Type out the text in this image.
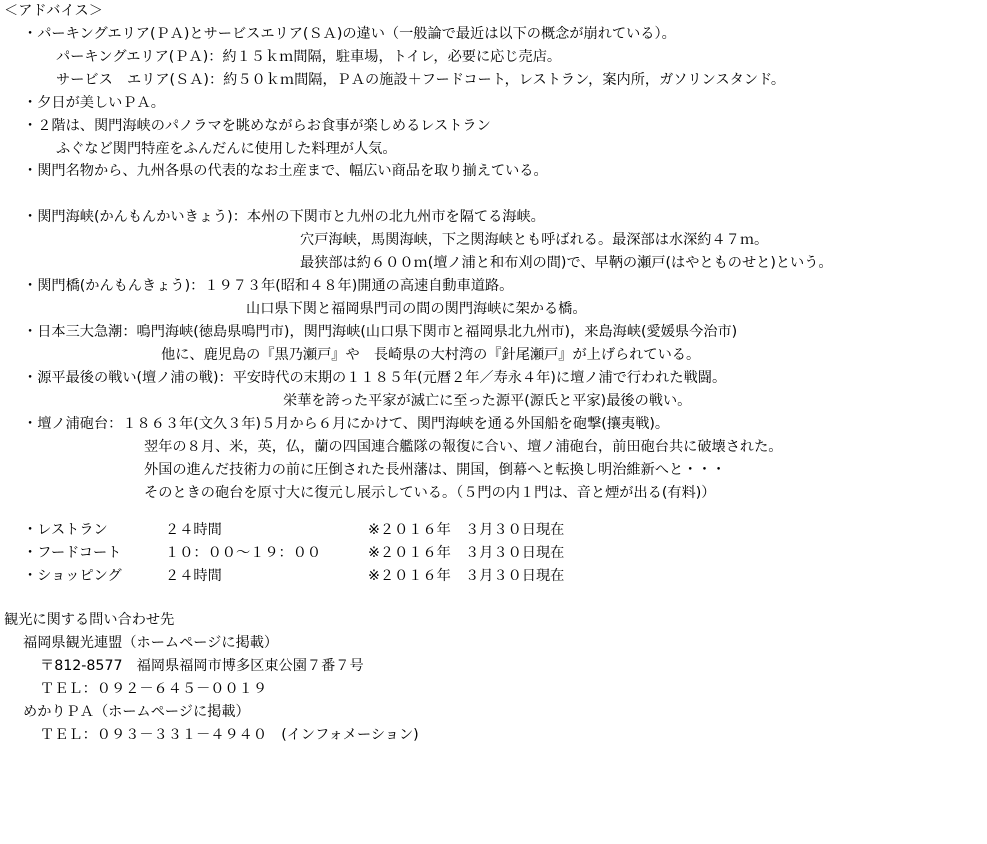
＜アドバイス＞
・パーキングエリア(ＰＡ)とサービスエリア(ＳＡ)の違い（一般論で最近は以下の概念が崩れている）。
パーキングエリア(ＰＡ)：約１５ｋｍ間隔，駐車場，トイレ，必要に応じ売店。
サービス　エリア(ＳＡ)：約５０ｋｍ間隔，ＰＡの施設＋フードコート，レストラン，案内所，ガソリンスタンド。
・夕日が美しいＰＡ。
・２階は、関門海峡のパノラマを眺めながらお食事が楽しめるレストラン
ふぐなど関門特産をふんだんに使用した料理が人気。
・関門名物から、九州各県の代表的なお土産まで、幅広い商品を取り揃えている。
・関門海峡(かんもんかいきょう)：本州の下関市と九州の北九州市を隔てる海峡。
穴戸海峡，馬関海峡，下之関海峡とも呼ばれる。最深部は水深約４７ｍ。
最狭部は約６００ｍ(壇ノ浦と和布刈の間)で、早鞆の瀬戸(はやとものせと)という。
・関門橋(かんもんきょう)：１９７３年(昭和４８年)開通の高速自動車道路。
山口県下関と福岡県門司の間の関門海峡に架かる橋。
・日本三大急潮：鳴門海峡(徳島県鳴門市)，関門海峡(山口県下関市と福岡県北九州市)，来島海峡(愛媛県今治市)
他に、鹿児島の『黒乃瀬戸』や　長崎県の大村湾の『針尾瀬戸』が上げられている。
・源平最後の戦い(壇ノ浦の戦)：平安時代の末期の１１８５年(元暦２年／寿永４年)に壇ノ浦で行われた戦闘。
栄華を誇った平家が滅亡に至った源平(源氏と平家)最後の戦い。
・壇ノ浦砲台：１８６３年(文久３年)５月から６月にかけて、関門海峡を通る外国船を砲撃(攘夷戦)。
翌年の８月、米，英，仏，蘭の四国連合艦隊の報復に合い、壇ノ浦砲台，前田砲台共に破壊された。
外国の進んだ技術力の前に圧倒された長州藩は、開国，倒幕へと転換し明治維新へと・・・
そのときの砲台を原寸大に復元し展示している。（５門の内１門は、音と煙が出る(有料)）
・レストラン	２４時間	※２０１６年　３月３０日現在
・フードコート	１０：００～１９：００	※２０１６年　３月３０日現在
・ショッピング	２４時間	※２０１６年　３月３０日現在
観光に関する問い合わせ先
福岡県観光連盟（ホームページに掲載）
〒812-8577　福岡県福岡市博多区東公園７番７号
ＴＥＬ：０９２－６４５－００１９
めかりＰＡ（ホームページに掲載）
ＴＥＬ：０９３－３３１－４９４０　(インフォメーション)
